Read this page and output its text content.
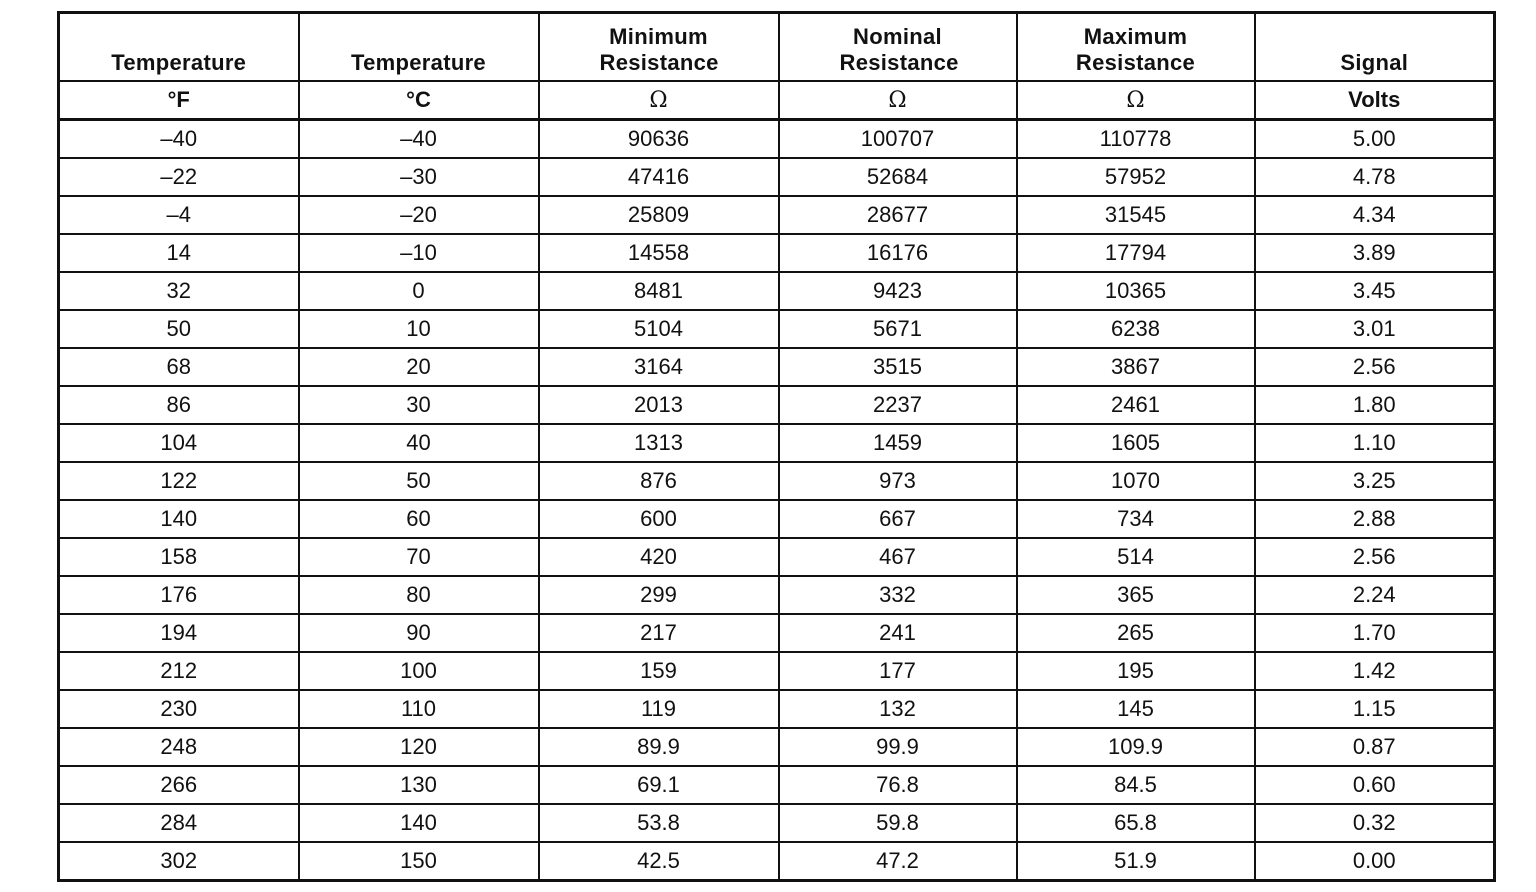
Temperature	Temperature	Minimum Resistance	Nominal Resistance	Maximum Resistance	Signal
°F	°C	Ω	Ω	Ω	Volts
–40	–40	90636	100707	110778	5.00
–22	–30	47416	52684	57952	4.78
–4	–20	25809	28677	31545	4.34
14	–10	14558	16176	17794	3.89
32	0	8481	9423	10365	3.45
50	10	5104	5671	6238	3.01
68	20	3164	3515	3867	2.56
86	30	2013	2237	2461	1.80
104	40	1313	1459	1605	1.10
122	50	876	973	1070	3.25
140	60	600	667	734	2.88
158	70	420	467	514	2.56
176	80	299	332	365	2.24
194	90	217	241	265	1.70
212	100	159	177	195	1.42
230	110	119	132	145	1.15
248	120	89.9	99.9	109.9	0.87
266	130	69.1	76.8	84.5	0.60
284	140	53.8	59.8	65.8	0.32
302	150	42.5	47.2	51.9	0.00
